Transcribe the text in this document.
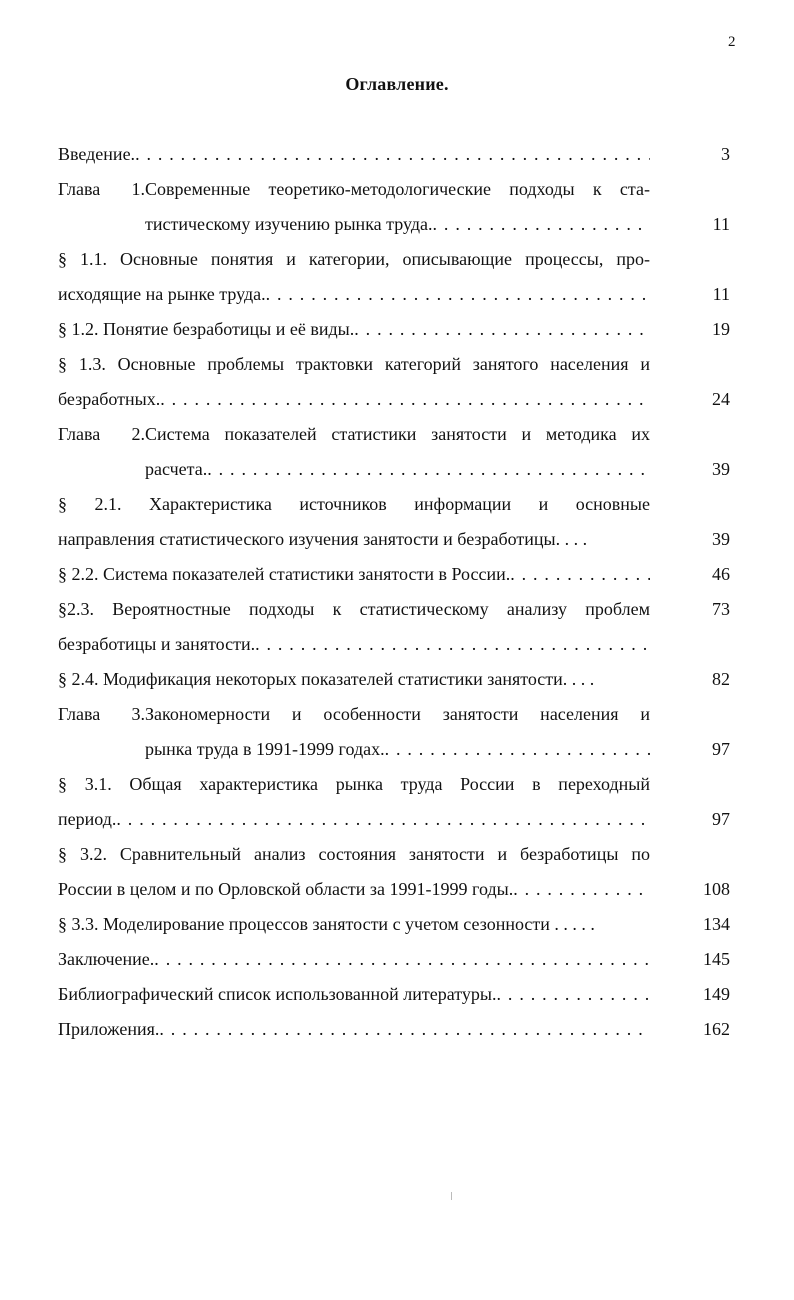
2
Оглавление.
Введение. . . .	3
Глава 1.Современные теоретико-методологические подходы к ста-
тистическому изучению рынка труда. . . .	11
§ 1.1. Основные понятия и категории, описывающие процессы, про-
исходящие на рынке труда. . . .	11
§ 1.2. Понятие безработицы и её виды. . . .	19
§ 1.3. Основные проблемы трактовки категорий занятого населения и
безработных. . . .	24
Глава 2.Система показателей статистики занятости и методика их
расчета. . . .	39
§ 2.1. Характеристика источников информации и основные
направления статистического изучения занятости и безработицы. . . .	39
§ 2.2. Система показателей статистики занятости в России. . . .	46
§2.3. Вероятностные подходы к статистическому анализу проблем	73
безработицы и занятости.
. . .
§ 2.4. Модификация некоторых показателей статистики занятости. . . .	82
Глава 3.Закономерности и особенности занятости населения и
рынка труда в 1991-1999 годах. . . .	97
§ 3.1. Общая характеристика рынка труда России в переходный
период. . . .	97
§ 3.2. Сравнительный анализ состояния занятости и безработицы по
России в целом и по Орловской области за 1991-1999 годы. . . .	108
§ 3.3. Моделирование процессов занятости с учетом сезонности . . . . .	134
Заключение. . . .	145
Библиографический список использованной литературы. . . .	149
Приложения. . . .	162
